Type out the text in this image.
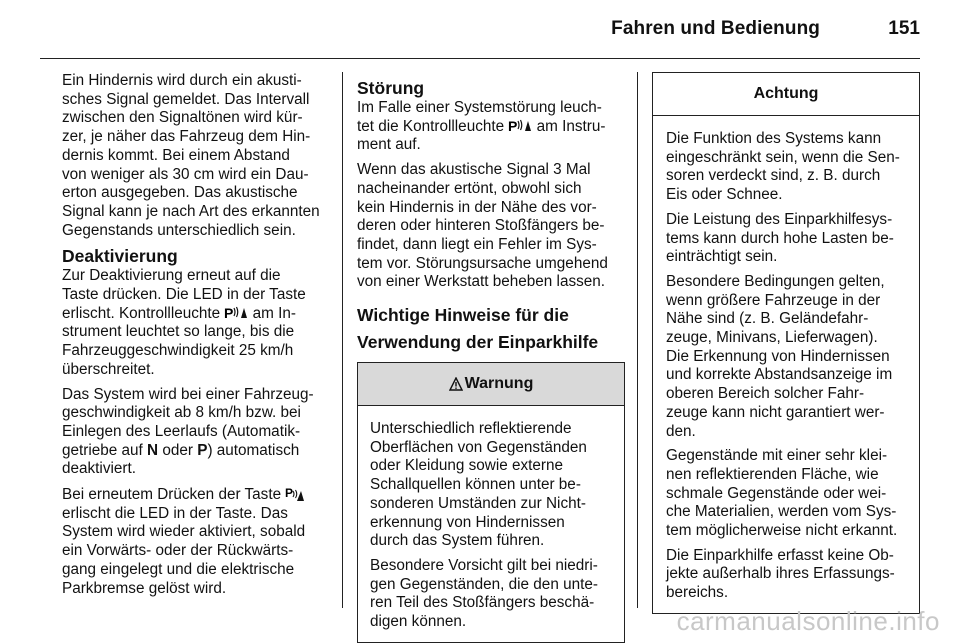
Fahren und Bedienung	151

Ein Hindernis wird durch ein akusti-
sches Signal gemeldet. Das Intervall
zwischen den Signaltönen wird kür-
zer, je näher das Fahrzeug dem Hin-
dernis kommt. Bei einem Abstand
von weniger als 30 cm wird ein Dau-
erton ausgegeben. Das akustische
Signal kann je nach Art des erkannten
Gegenstands unterschiedlich sein.

Deaktivierung

Zur Deaktivierung erneut auf die
Taste drücken. Die LED in der Taste
erlischt. Kontrollleuchte P am In-
strument leuchtet so lange, bis die
Fahrzeuggeschwindigkeit 25 km/h
überschreitet.

Das System wird bei einer Fahrzeug-
geschwindigkeit ab 8 km/h bzw. bei
Einlegen des Leerlaufs (Automatik-
getriebe auf N oder P) automatisch
deaktiviert.

Bei erneutem Drücken der Taste P
erlischt die LED in der Taste. Das
System wird wieder aktiviert, sobald
ein Vorwärts- oder der Rückwärts-
gang eingelegt und die elektrische
Parkbremse gelöst wird.

Störung

Im Falle einer Systemstörung leuch-
tet die Kontrollleuchte P am Instru-
ment auf.

Wenn das akustische Signal 3 Mal
nacheinander ertönt, obwohl sich
kein Hindernis in der Nähe des vor-
deren oder hinteren Stoßfängers be-
findet, dann liegt ein Fehler im Sys-
tem vor. Störungsursache umgehend
von einer Werkstatt beheben lassen.

Wichtige Hinweise für die
Verwendung der Einparkhilfe
Warnung

Unterschiedlich reflektierende
Oberflächen von Gegenständen
oder Kleidung sowie externe
Schallquellen können unter be-
sonderen Umständen zur Nicht-
erkennung von Hindernissen
durch das System führen.

Besondere Vorsicht gilt bei niedri-
gen Gegenständen, die den unte-
ren Teil des Stoßfängers beschä-
digen können.

Achtung

Die Funktion des Systems kann
eingeschränkt sein, wenn die Sen-
soren verdeckt sind, z. B. durch
Eis oder Schnee.

Die Leistung des Einparkhilfesys-
tems kann durch hohe Lasten be-
einträchtigt sein.

Besondere Bedingungen gelten,
wenn größere Fahrzeuge in der
Nähe sind (z. B. Geländefahr-
zeuge, Minivans, Lieferwagen).
Die Erkennung von Hindernissen
und korrekte Abstandsanzeige im
oberen Bereich solcher Fahr-
zeuge kann nicht garantiert wer-
den.

Gegenstände mit einer sehr klei-
nen reflektierenden Fläche, wie
schmale Gegenstände oder wei-
che Materialien, werden vom Sys-
tem möglicherweise nicht erkannt.

Die Einparkhilfe erfasst keine Ob-
jekte außerhalb ihres Erfassungs-
bereichs.

carmanualsonline.info
